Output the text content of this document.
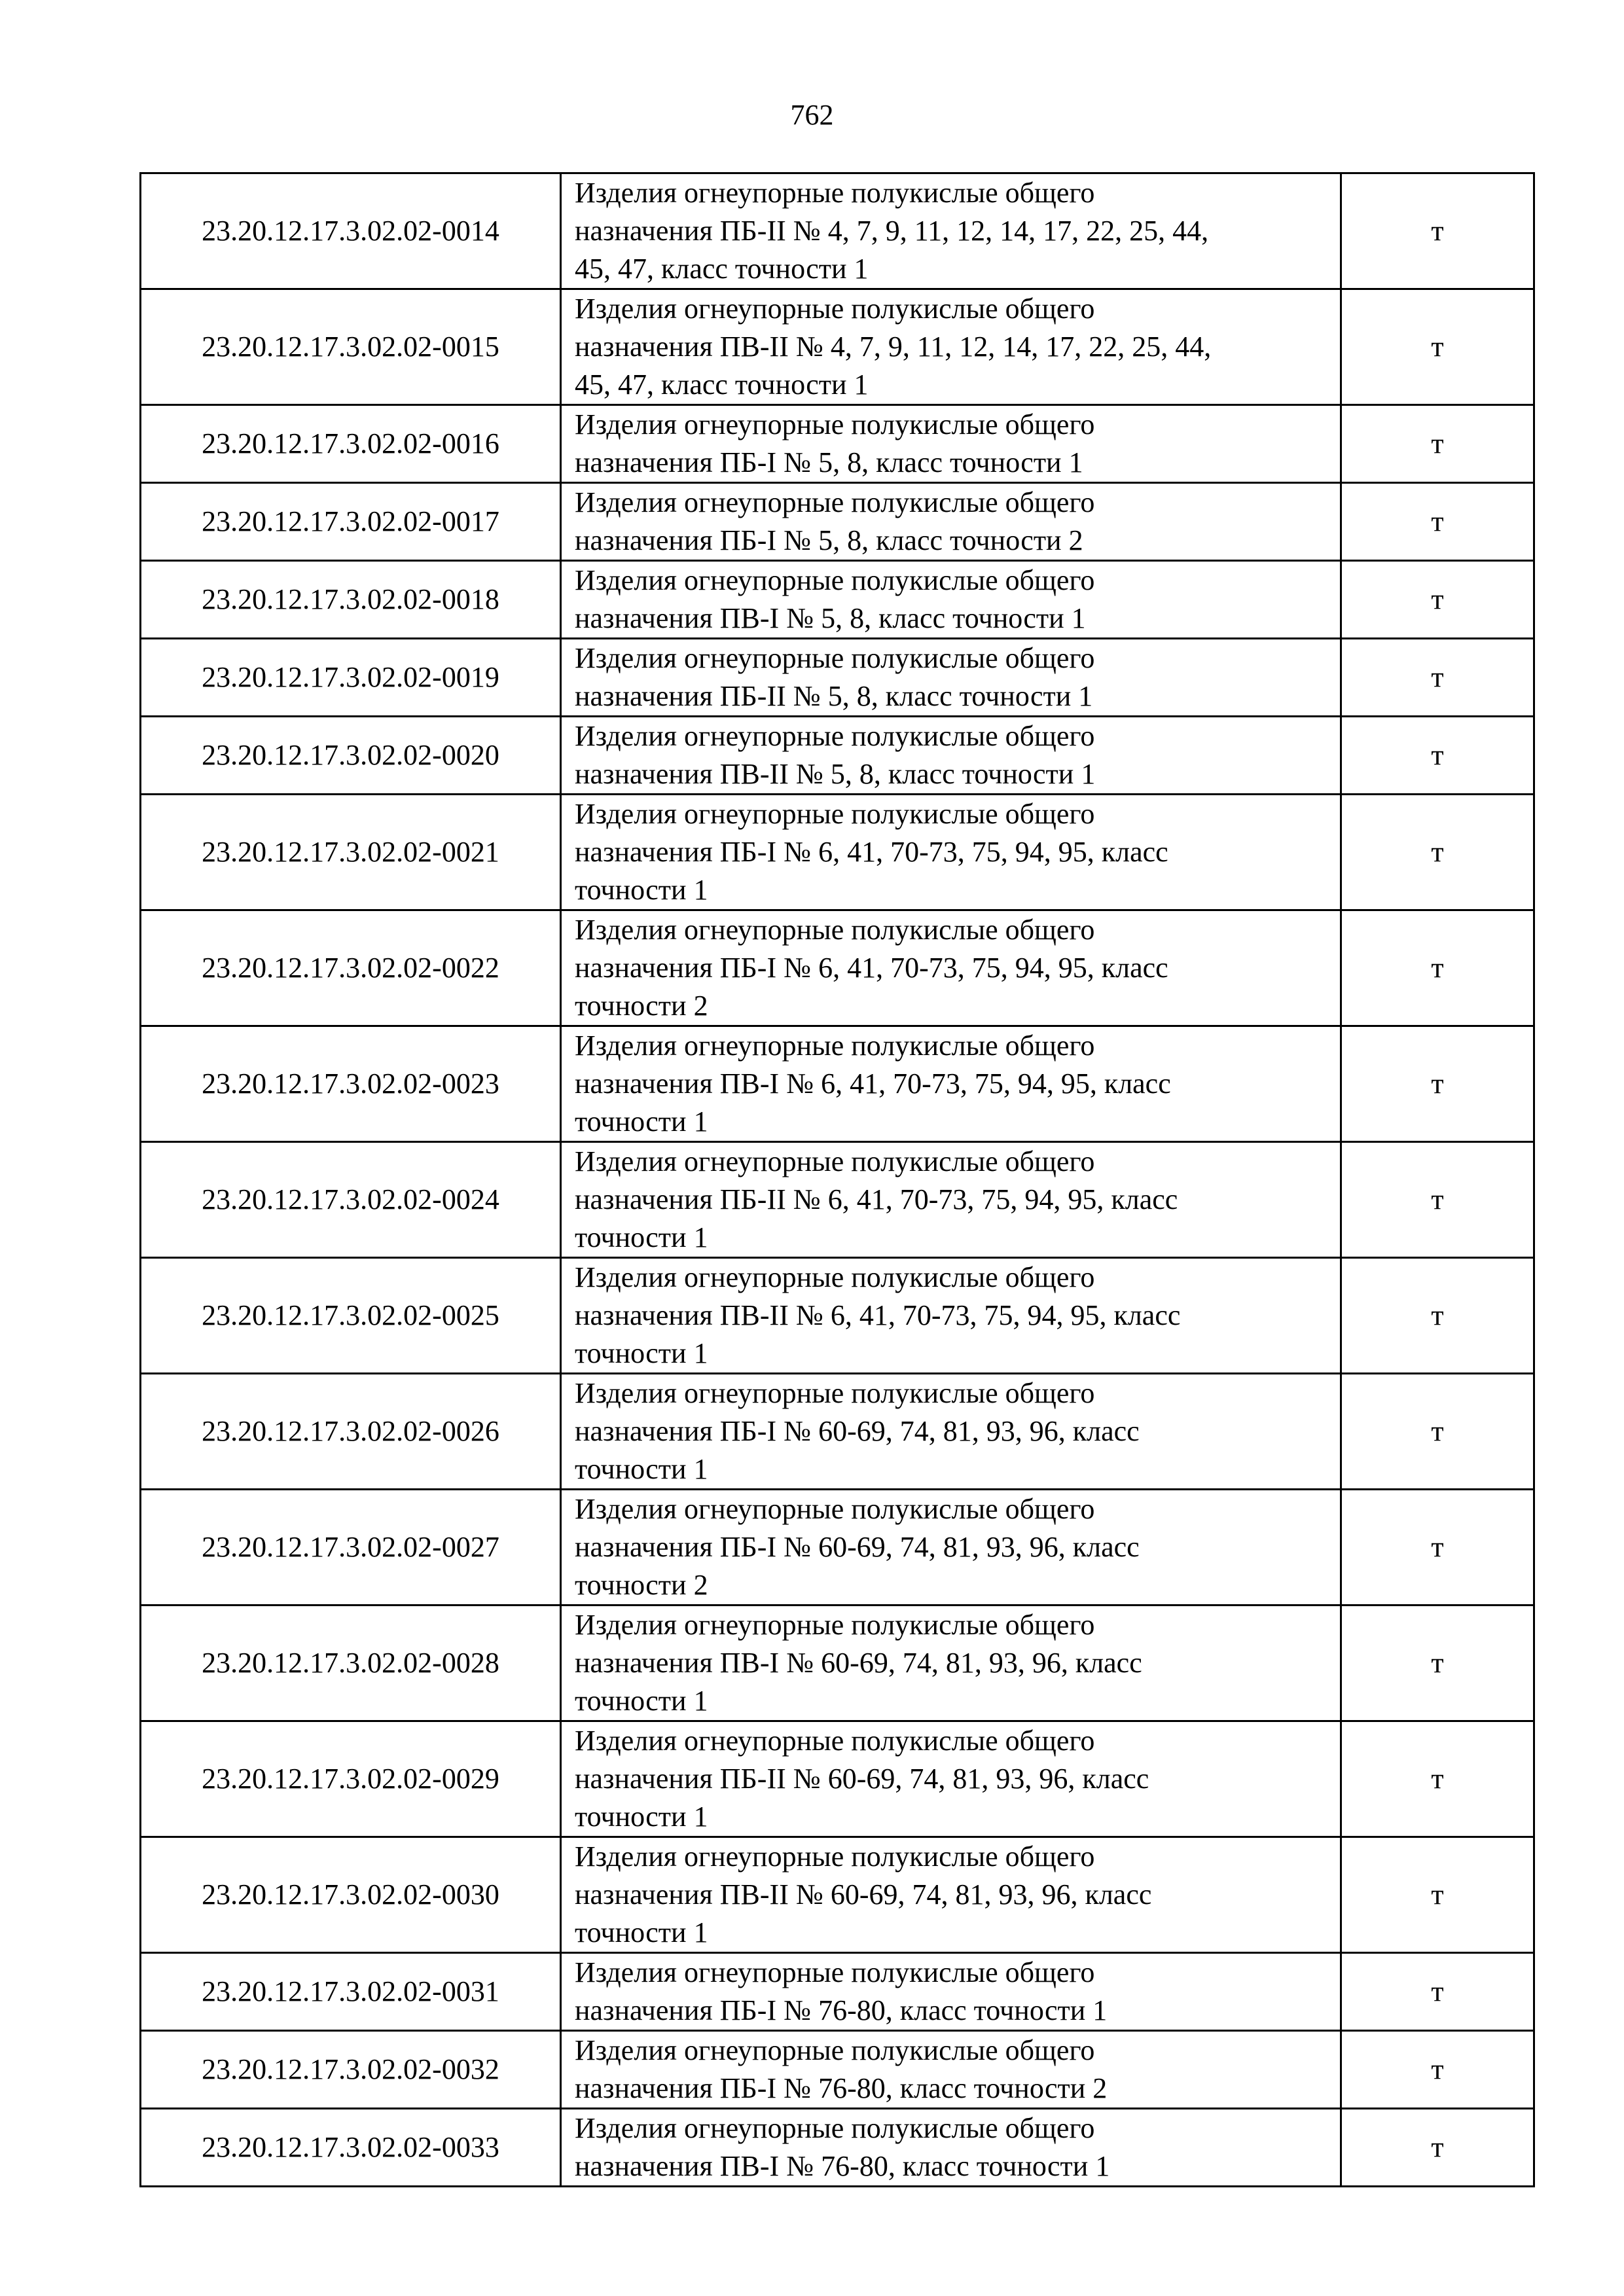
762
23.20.12.17.3.02.02-0014	Изделия огнеупорные полукислые общего
назначения ПБ-II № 4, 7, 9, 11, 12, 14, 17, 22, 25, 44,
45, 47, класс точности 1	т
23.20.12.17.3.02.02-0015	Изделия огнеупорные полукислые общего
назначения ПВ-II № 4, 7, 9, 11, 12, 14, 17, 22, 25, 44,
45, 47, класс точности 1	т
23.20.12.17.3.02.02-0016	Изделия огнеупорные полукислые общего
назначения ПБ-I № 5, 8, класс точности 1	т
23.20.12.17.3.02.02-0017	Изделия огнеупорные полукислые общего
назначения ПБ-I № 5, 8, класс точности 2	т
23.20.12.17.3.02.02-0018	Изделия огнеупорные полукислые общего
назначения ПВ-I № 5, 8, класс точности 1	т
23.20.12.17.3.02.02-0019	Изделия огнеупорные полукислые общего
назначения ПБ-II № 5, 8, класс точности 1	т
23.20.12.17.3.02.02-0020	Изделия огнеупорные полукислые общего
назначения ПВ-II № 5, 8, класс точности 1	т
23.20.12.17.3.02.02-0021	Изделия огнеупорные полукислые общего
назначения ПБ-I № 6, 41, 70-73, 75, 94, 95, класс
точности 1	т
23.20.12.17.3.02.02-0022	Изделия огнеупорные полукислые общего
назначения ПБ-I № 6, 41, 70-73, 75, 94, 95, класс
точности 2	т
23.20.12.17.3.02.02-0023	Изделия огнеупорные полукислые общего
назначения ПВ-I № 6, 41, 70-73, 75, 94, 95, класс
точности 1	т
23.20.12.17.3.02.02-0024	Изделия огнеупорные полукислые общего
назначения ПБ-II № 6, 41, 70-73, 75, 94, 95, класс
точности 1	т
23.20.12.17.3.02.02-0025	Изделия огнеупорные полукислые общего
назначения ПВ-II № 6, 41, 70-73, 75, 94, 95, класс
точности 1	т
23.20.12.17.3.02.02-0026	Изделия огнеупорные полукислые общего
назначения ПБ-I № 60-69, 74, 81, 93, 96, класс
точности 1	т
23.20.12.17.3.02.02-0027	Изделия огнеупорные полукислые общего
назначения ПБ-I № 60-69, 74, 81, 93, 96, класс
точности 2	т
23.20.12.17.3.02.02-0028	Изделия огнеупорные полукислые общего
назначения ПВ-I № 60-69, 74, 81, 93, 96, класс
точности 1	т
23.20.12.17.3.02.02-0029	Изделия огнеупорные полукислые общего
назначения ПБ-II № 60-69, 74, 81, 93, 96, класс
точности 1	т
23.20.12.17.3.02.02-0030	Изделия огнеупорные полукислые общего
назначения ПВ-II № 60-69, 74, 81, 93, 96, класс
точности 1	т
23.20.12.17.3.02.02-0031	Изделия огнеупорные полукислые общего
назначения ПБ-I № 76-80, класс точности 1	т
23.20.12.17.3.02.02-0032	Изделия огнеупорные полукислые общего
назначения ПБ-I № 76-80, класс точности 2	т
23.20.12.17.3.02.02-0033	Изделия огнеупорные полукислые общего
назначения ПВ-I № 76-80, класс точности 1	т
